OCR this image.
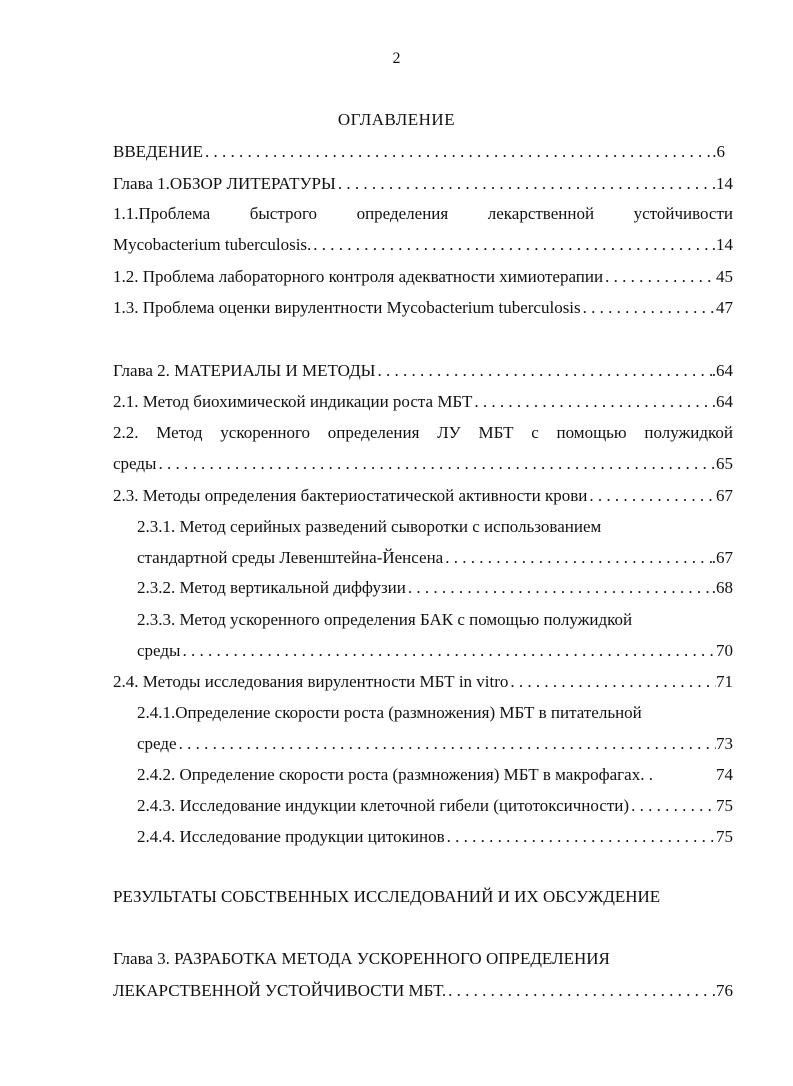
2
ОГЛАВЛЕНИЕ
ВВЕДЕНИЕ . . .	.6
Глава 1.ОБЗОР ЛИТЕРАТУРЫ . . .	14
1.1.Проблема быстрого определения лекарственной устойчивости
Mycobacterium tuberculosis. . . .	.14
1.2. Проблема лабораторного контроля адекватности химиотерапии . . .	45
1.3. Проблема оценки вирулентности Mycobacterium tuberculosis . . .	47
Глава 2. МАТЕРИАЛЫ И МЕТОДЫ . . .	.64
2.1. Метод биохимической индикации роста МБТ . . .	.64
2.2. Метод ускоренного определения ЛУ МБТ с помощью полужидкой
среды . . .	65
2.3. Методы определения бактериостатической активности крови . . .	67
2.3.1. Метод серийных разведений сыворотки с использованием
стандартной среды Левенштейна-Йенсена . . .	.67
2.3.2. Метод вертикальной диффузии . . .	.68
2.3.3. Метод ускоренного определения БАК с помощью полужидкой
среды . . .	70
2.4. Методы исследования вирулентности МБТ in vitro . . .	71
2.4.1.Определение скорости роста (размножения) МБТ в питательной
среде . . .	73
2.4.2. Определение скорости роста (размножения) МБТ в макрофагах. .	74
2.4.3. Исследование индукции клеточной гибели (цитотоксичности) . . .	75
2.4.4. Исследование продукции цитокинов . . .	75
РЕЗУЛЬТАТЫ СОБСТВЕННЫХ ИССЛЕДОВАНИЙ И ИХ ОБСУЖДЕНИЕ
Глава 3. РАЗРАБОТКА МЕТОДА УСКОРЕННОГО ОПРЕДЕЛЕНИЯ
ЛЕКАРСТВЕННОЙ УСТОЙЧИВОСТИ МБТ. . . .	.76
